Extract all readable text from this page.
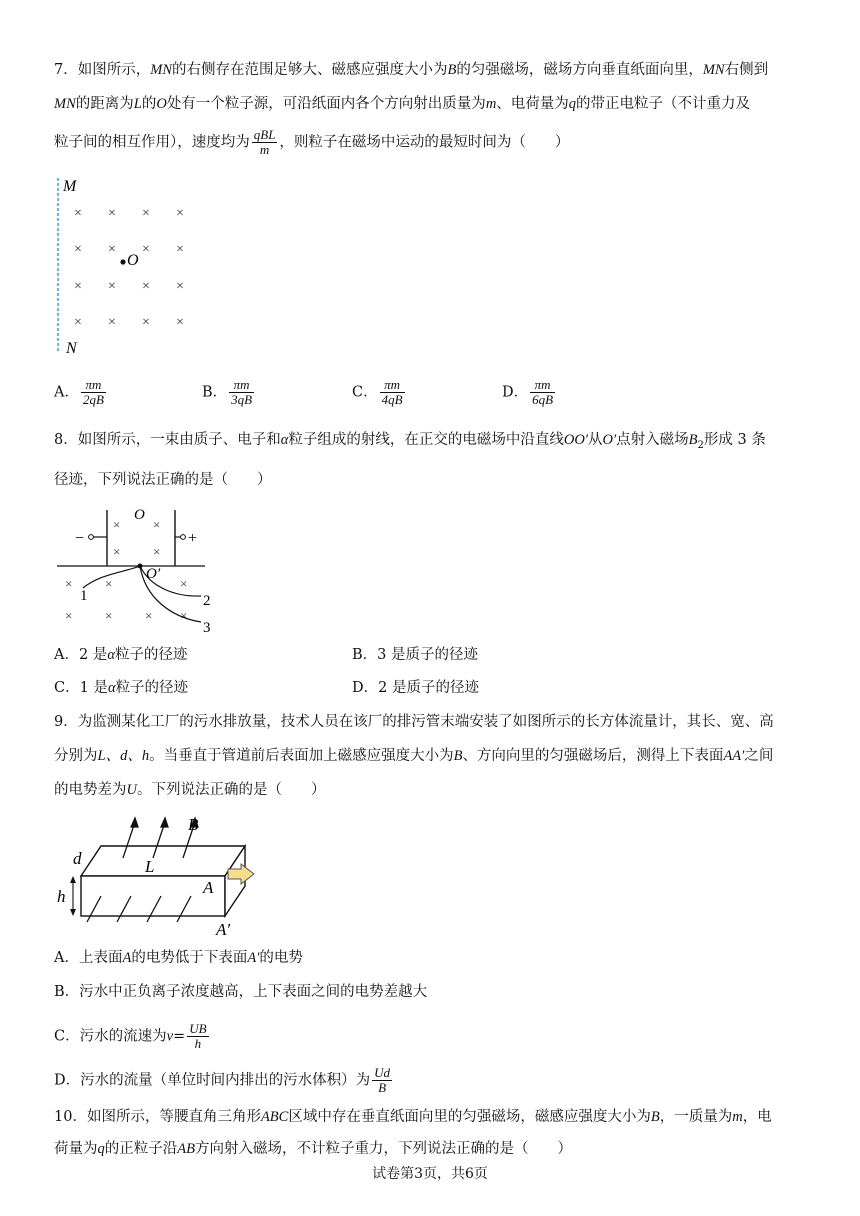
7．如图所示，MN的右侧存在范围足够大、磁感应强度大小为B的匀强磁场，磁场方向垂直纸面向里，MN右侧到
MN的距离为L的O处有一个粒子源，可沿纸面内各个方向射出质量为m、电荷量为q的带正电粒子（不计重力及
粒子间的相互作用），速度均为 $\frac{\text{qBL}}{m}$ ，则粒子在磁场中运动的最短时间为（　　）
M
N
× × × ×
× × × ×
× × × ×
× × × ×
O
A． $\frac{\pi m}{2qB}$	B． $\frac{\pi m}{3qB}$	C． $\frac{\pi m}{4qB}$	D． $\frac{\pi m}{6qB}$
8．如图所示，一束由质子、电子和α粒子组成的射线，在正交的电磁场中沿直线OO′从O′点射入磁场$B_2$形成 3 条
径迹，下列说法正确的是（　　）
−	+
O
×	×
×	×
O′
×	×	×
×	×	× ×
1	2
3
A．2 是α粒子的径迹	B．3 是质子的径迹
C．1 是α粒子的径迹	D．2 是质子的径迹
9．为监测某化工厂的污水排放量，技术人员在该厂的排污管末端安装了如图所示的长方体流量计，其长、宽、高
分别为L、d、h。当垂直于管道前后表面加上磁感应强度大小为B、方向向里的匀强磁场后，测得上下表面AA′之间
的电势差为U。下列说法正确的是（　　）
B
d	L
h	A
A′
A．上表面A的电势低于下表面A′的电势
B．污水中正负离子浓度越高，上下表面之间的电势差越大
C．污水的流速为$v= \frac{UB}{h}$
D．污水的流量（单位时间内排出的污水体积）为 $\frac{Ud}{B}$
10．如图所示，等腰直角三角形ABC区域中存在垂直纸面向里的匀强磁场，磁感应强度大小为B，一质量为m，电
荷量为q的正粒子沿AB方向射入磁场，不计粒子重力，下列说法正确的是（　　）
试卷第3页，共6页
